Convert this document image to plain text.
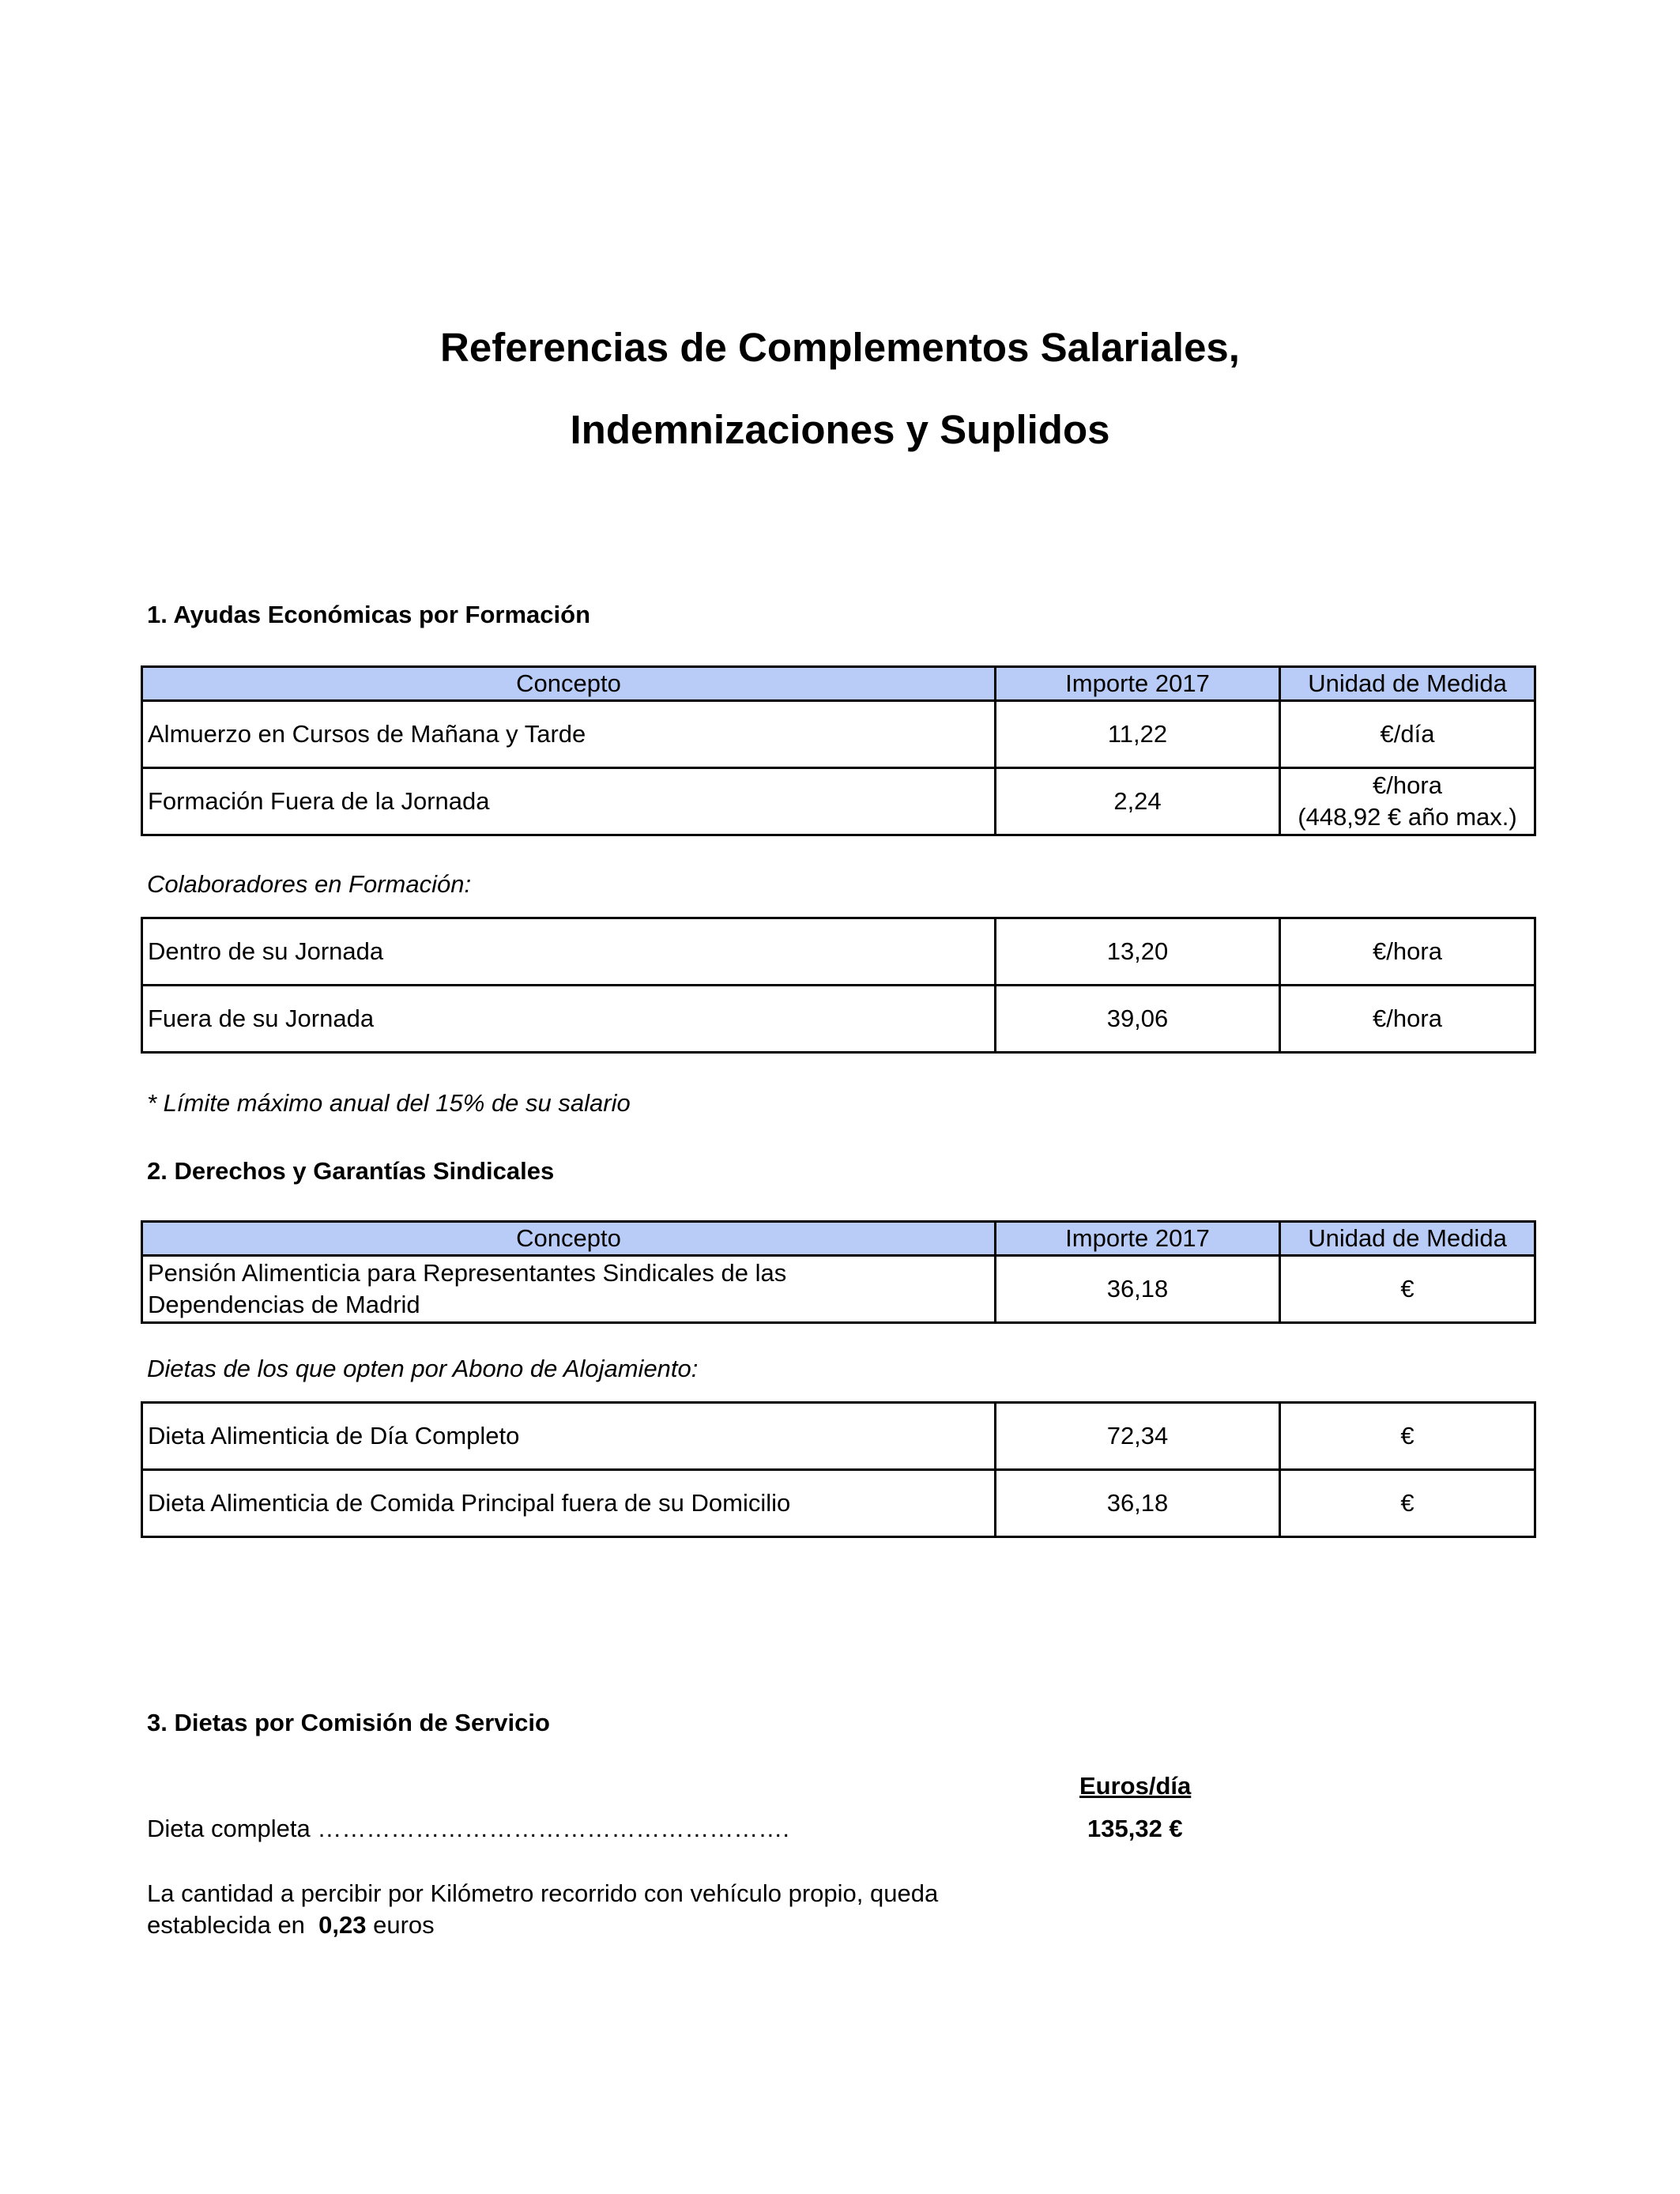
Referencias de Complementos Salariales,
Indemnizaciones y Suplidos
1. Ayudas Económicas por Formación
Concepto	Importe 2017	Unidad de Medida
Almuerzo en Cursos de Mañana y Tarde	11,22	€/día
Formación Fuera de la Jornada	2,24	€/hora
(448,92 € año max.)
Colaboradores en Formación:
Dentro de su Jornada	13,20	€/hora
Fuera de su Jornada	39,06	€/hora
* Límite máximo anual del 15% de su salario
2. Derechos y Garantías Sindicales
Concepto	Importe 2017	Unidad de Medida

Pensión Alimenticia para Representantes Sindicales de las
Dependencias de Madrid	36,18	€
Dietas de los que opten por Abono de Alojamiento:
Dieta Alimenticia de Día Completo	72,34	€
Dieta Alimenticia de Comida Principal fuera de su Domicilio	36,18	€
3. Dietas por Comisión de Servicio
Euros/día
Dieta completa ………………………………………………….	135,32 €
La cantidad a percibir por Kilómetro recorrido con vehículo propio, queda
establecida en  0,23 euros
